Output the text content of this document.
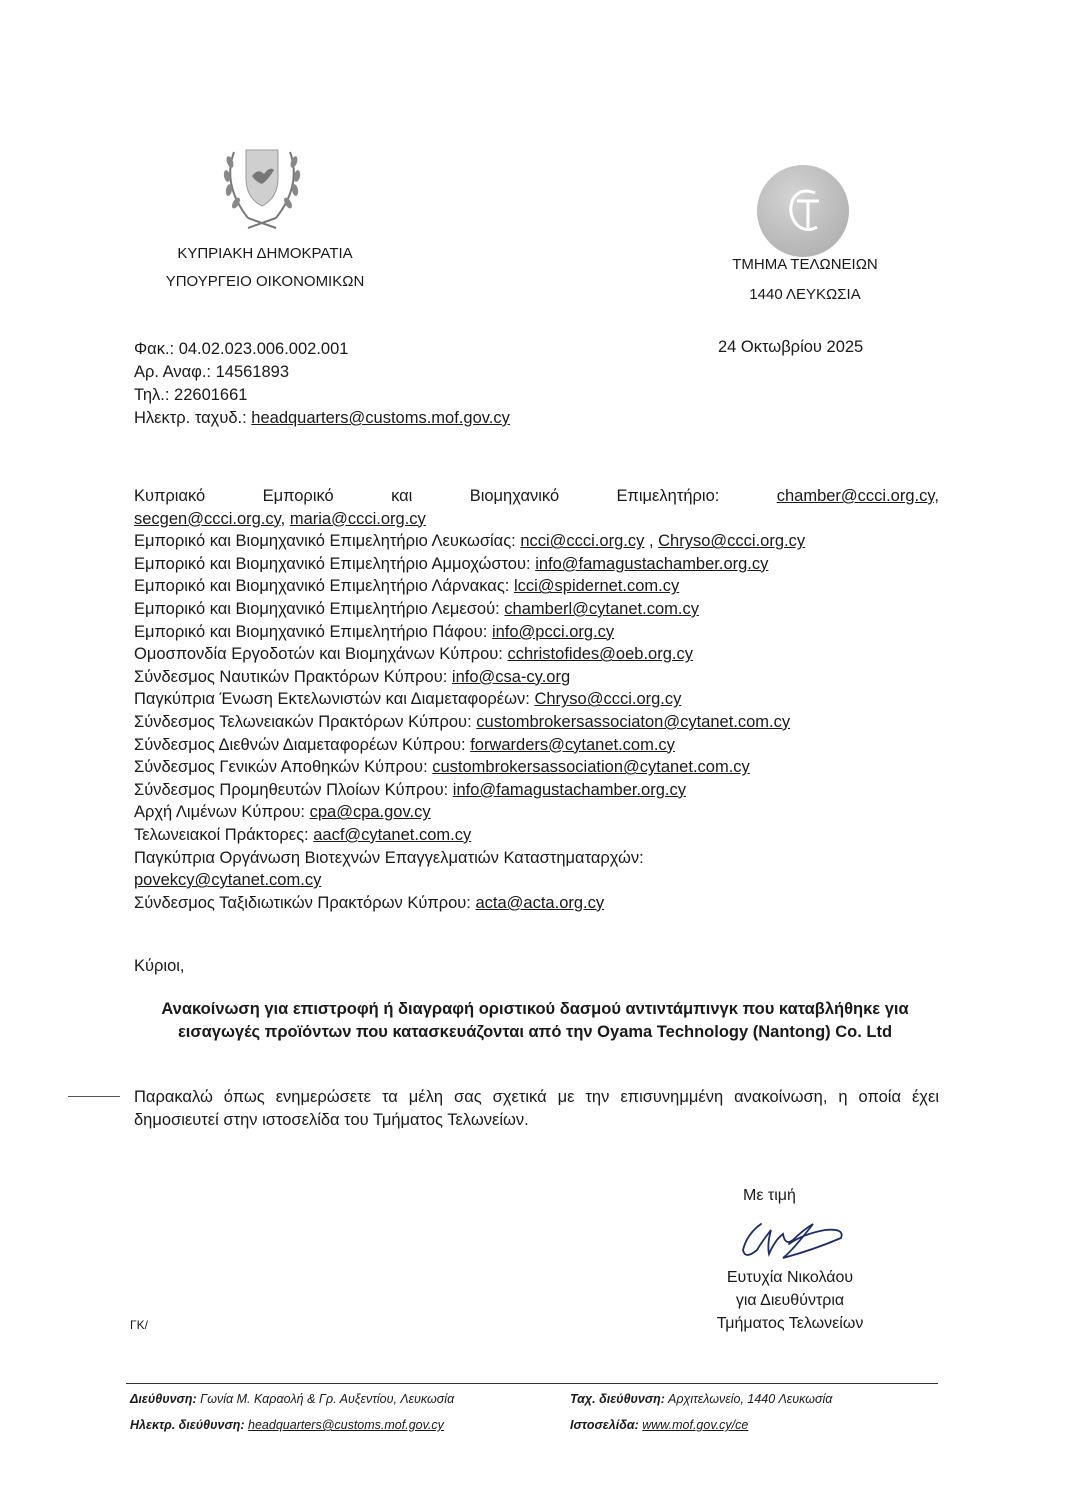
ΚΥΠΡΙΑΚΗ ΔΗΜΟΚΡΑΤΙΑ
ΥΠΟΥΡΓΕΙΟ ΟΙΚΟΝΟΜΙΚΩΝ
ΤΜΗΜΑ ΤΕΛΩΝΕΙΩΝ
1440 ΛΕΥΚΩΣΙΑ
Φακ.: 04.02.023.006.002.001
Αρ. Αναφ.: 14561893
Τηλ.: 22601661
Ηλεκτρ. ταχυδ.: headquarters@customs.mof.gov.cy
24 Οκτωβρίου 2025
Κυπριακό	Εμπορικό	και	Βιομηχανικό	Επιμελητήριο:	chamber@ccci.org.cy,
secgen@ccci.org.cy, maria@ccci.org.cy
Εμπορικό και Βιομηχανικό Επιμελητήριο Λευκωσίας: ncci@ccci.org.cy , Chryso@ccci.org.cy
Εμπορικό και Βιομηχανικό Επιμελητήριο Αμμοχώστου: info@famagustachamber.org.cy
Εμπορικό και Βιομηχανικό Επιμελητήριο Λάρνακας: lcci@spidernet.com.cy
Εμπορικό και Βιομηχανικό Επιμελητήριο Λεμεσού: chamberl@cytanet.com.cy
Εμπορικό και Βιομηχανικό Επιμελητήριο Πάφου: info@pcci.org.cy
Ομοσπονδία Εργοδοτών και Βιομηχάνων Κύπρου: cchristofides@oeb.org.cy
Σύνδεσμος Ναυτικών Πρακτόρων Κύπρου: info@csa-cy.org
Παγκύπρια Ένωση Εκτελωνιστών και Διαμεταφορέων: Chryso@ccci.org.cy
Σύνδεσμος Τελωνειακών Πρακτόρων Κύπρου: custombrokersassociaton@cytanet.com.cy
Σύνδεσμος Διεθνών Διαμεταφορέων Κύπρου: forwarders@cytanet.com.cy
Σύνδεσμος Γενικών Αποθηκών Κύπρου: custombrokersassociation@cytanet.com.cy
Σύνδεσμος Προμηθευτών Πλοίων Κύπρου: info@famagustachamber.org.cy
Αρχή Λιμένων Κύπρου: cpa@cpa.gov.cy
Τελωνειακοί Πράκτορες: aacf@cytanet.com.cy
Παγκύπρια Οργάνωση Βιοτεχνών Επαγγελματιών Καταστηματαρχών:
povekcy@cytanet.com.cy
Σύνδεσμος Ταξιδιωτικών Πρακτόρων Κύπρου: acta@acta.org.cy
Κύριοι,
Ανακοίνωση για επιστροφή ή διαγραφή οριστικού δασμού αντιντάμπινγκ που καταβλήθηκε για εισαγωγές προϊόντων που κατασκευάζονται από την Oyama Technology (Nantong) Co. Ltd
Παρακαλώ όπως ενημερώσετε τα μέλη σας σχετικά με την επισυνημμένη ανακοίνωση, η οποία έχει δημοσιευτεί στην ιστοσελίδα του Τμήματος Τελωνείων.
Με τιμή
Ευτυχία Νικολάου
για Διευθύντρια
Τμήματος Τελωνείων
ΓΚ/
Διεύθυνση: Γωνία Μ. Καραολή & Γρ. Αυξεντίου, Λευκωσία	Ταχ. διεύθυνση: Αρχιτελωνείο, 1440 Λευκωσία
Ηλεκτρ. διεύθυνση: headquarters@customs.mof.gov.cy	Ιστοσελίδα: www.mof.gov.cy/ce
